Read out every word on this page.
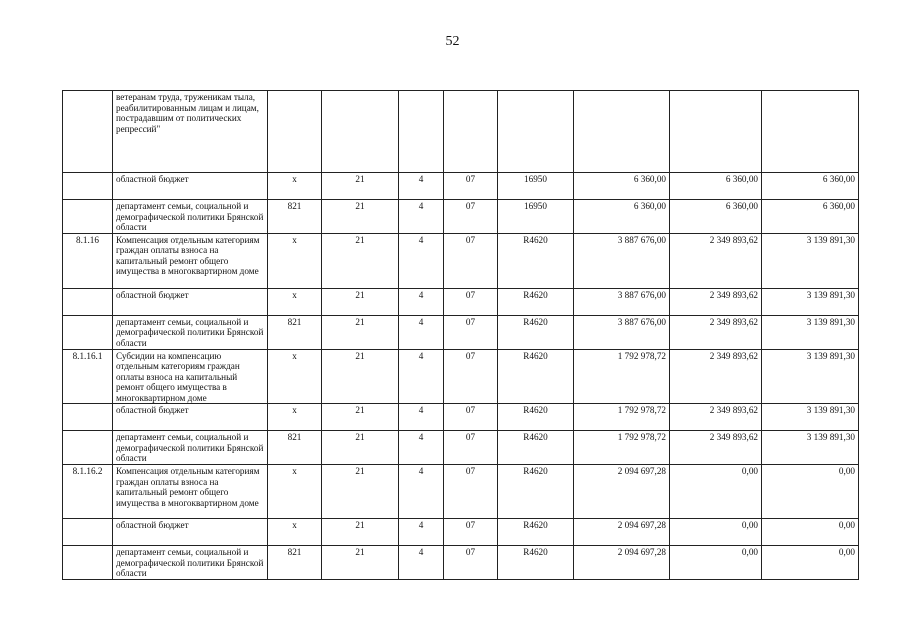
52
	ветеранам труда, труженикам тыла, реабилитированным лицам и лицам, пострадавшим от политических репрессий"								
	областной бюджет	х	21	4	07	16950	6 360,00	6 360,00	6 360,00
	департамент семьи, социальной и демографической политики Брянской области	821	21	4	07	16950	6 360,00	6 360,00	6 360,00
8.1.16	Компенсация отдельным категориям граждан оплаты взноса на капитальный ремонт общего имущества в многоквартирном доме	х	21	4	07	R4620	3 887 676,00	2 349 893,62	3 139 891,30
	областной бюджет	х	21	4	07	R4620	3 887 676,00	2 349 893,62	3 139 891,30
	департамент семьи, социальной и демографической политики Брянской области	821	21	4	07	R4620	3 887 676,00	2 349 893,62	3 139 891,30
8.1.16.1	Субсидии на компенсацию отдельным категориям граждан оплаты взноса на капитальный ремонт общего имущества в многоквартирном доме	х	21	4	07	R4620	1 792 978,72	2 349 893,62	3 139 891,30
	областной бюджет	х	21	4	07	R4620	1 792 978,72	2 349 893,62	3 139 891,30
	департамент семьи, социальной и демографической политики Брянской области	821	21	4	07	R4620	1 792 978,72	2 349 893,62	3 139 891,30
8.1.16.2	Компенсация отдельным категориям граждан оплаты взноса на капитальный ремонт общего имущества в многоквартирном доме	х	21	4	07	R4620	2 094 697,28	0,00	0,00
	областной бюджет	х	21	4	07	R4620	2 094 697,28	0,00	0,00
	департамент семьи, социальной и демографической политики Брянской области	821	21	4	07	R4620	2 094 697,28	0,00	0,00
